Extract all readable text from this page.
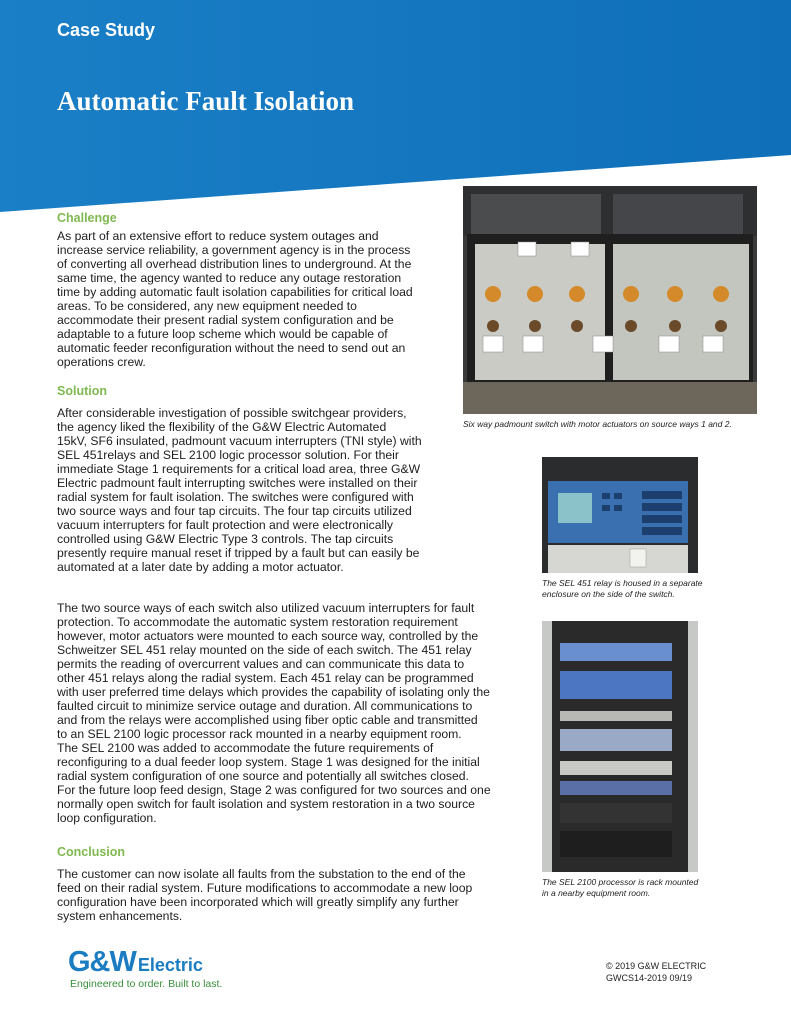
Case Study
Automatic Fault Isolation
Challenge
As part of an extensive effort to reduce system outages and
increase service reliability, a government agency is in the process
of converting all overhead distribution lines to underground. At the
same time, the agency wanted to reduce any outage restoration
time by adding automatic fault isolation capabilities for critical load
areas. To be considered, any new equipment needed to
accommodate their present radial system configuration and be
adaptable to a future loop scheme which would be capable of
automatic feeder reconfiguration without the need to send out an
operations crew.
Solution
After considerable investigation of possible switchgear providers,
the agency liked the flexibility of the G&W Electric Automated
15kV, SF6 insulated, padmount vacuum interrupters (TNI style) with
SEL 451relays and SEL 2100 logic processor solution. For their
immediate Stage 1 requirements for a critical load area, three G&W
Electric padmount fault interrupting switches were installed on their
radial system for fault isolation. The switches were configured with
two source ways and four tap circuits. The four tap circuits utilized
vacuum interrupters for fault protection and were electronically
controlled using G&W Electric Type 3 controls. The tap circuits
presently require manual reset if tripped by a fault but can easily be
automated at a later date by adding a motor actuator.
The two source ways of each switch also utilized vacuum interrupters for fault
protection. To accommodate the automatic system restoration requirement
however, motor actuators were mounted to each source way, controlled by the
Schweitzer SEL 451 relay mounted on the side of each switch. The 451 relay
permits the reading of overcurrent values and can communicate this data to
other 451 relays along the radial system. Each 451 relay can be programmed
with user preferred time delays which provides the capability of isolating only the
faulted circuit to minimize service outage and duration. All communications to
and from the relays were accomplished using fiber optic cable and transmitted
to an SEL 2100 logic processor rack mounted in a nearby equipment room.
The SEL 2100 was added to accommodate the future requirements of
reconfiguring to a dual feeder loop system. Stage 1 was designed for the initial
radial system configuration of one source and potentially all switches closed.
For the future loop feed design, Stage 2 was configured for two sources and one
normally open switch for fault isolation and system restoration in a two source
loop configuration.
Conclusion
The customer can now isolate all faults from the substation to the end of the
feed on their radial system. Future modifications to accommodate a new loop
configuration have been incorporated which will greatly simplify any further
system enhancements.
Six way padmount switch with motor actuators on source ways 1 and 2.
The SEL 451 relay is housed in a separate
enclosure on the side of the switch.
The SEL 2100 processor is rack mounted
in a nearby equipment room.
G&W Electric
Engineered to order. Built to last.
© 2019 G&W ELECTRIC
GWCS14-2019 09/19
